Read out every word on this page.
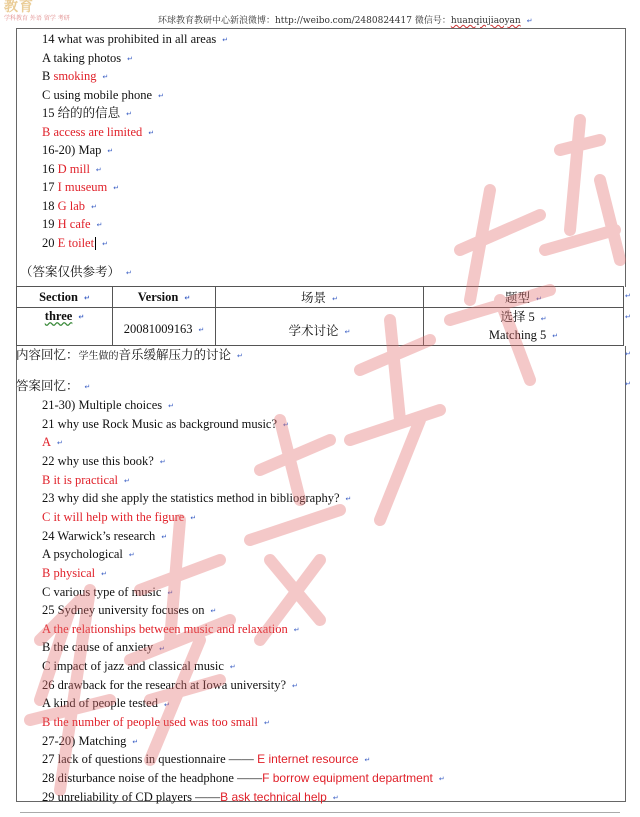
教育
学科教育 外语 留学 考研	环球教育教研中心新浪微博：http://weibo.com/2480824417 微信号：huanqiujiaoyan ↵
14 what was prohibited in all areas ↵
A taking photos ↵
B smoking ↵
C using mobile phone ↵
15 给的的信息 ↵
B access are limited ↵
16-20) Map ↵
16 D mill ↵
17 I museum ↵
18 G lab ↵
19 H cafe ↵
20 E toilet ↵
（答案仅供参考） ↵
Section ↵	Version ↵	场景 ↵	题型 ↵
three ↵	20081009163 ↵	学术讨论 ↵	选择 5 ↵
Matching 5 ↵
内容回忆：学生做的音乐缓解压力的讨论 ↵
答案回忆： ↵
21-30) Multiple choices ↵
21 why use Rock Music as background music? ↵
A ↵
22 why use this book? ↵
B it is practical ↵
23 why did she apply the statistics method in bibliography? ↵
C it will help with the figure ↵
24 Warwick’s research ↵
A psychological ↵
B physical ↵
C various type of music ↵
25 Sydney university focuses on ↵
A the relationships between music and relaxation ↵
B the cause of anxiety ↵
C impact of jazz and classical music ↵
26 drawback for the research at Iowa university? ↵
A kind of people tested ↵
B the number of people used was too small ↵
27-20) Matching ↵
27 lack of questions in questionnaire —— E internet resource ↵
28 disturbance noise of the headphone ——F borrow equipment department ↵
29 unreliability of CD players ——B ask technical help ↵
↵
↵
↵
↵
